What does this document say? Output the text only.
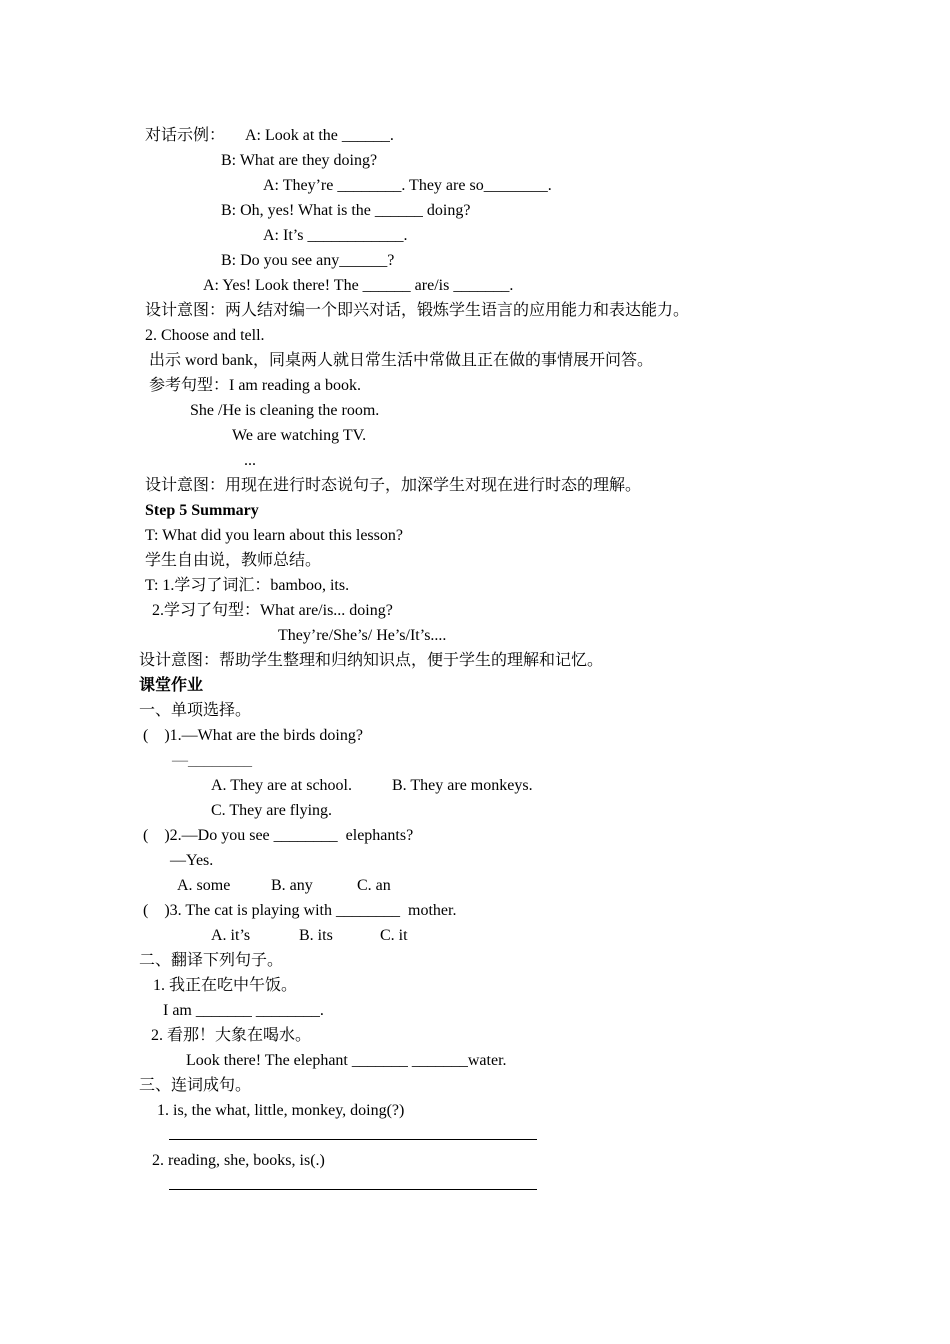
对话示例：     A: Look at the ______.
B: What are they doing?
A: They’re ________. They are so________.
B: Oh, yes! What is the ______ doing?
A: It’s ____________.
B: Do you see any______?
A: Yes! Look there! The ______ are/is _______.
设计意图：两人结对编一个即兴对话，锻炼学生语言的应用能力和表达能力。
2. Choose and tell.
出示 word bank，同桌两人就日常生活中常做且正在做的事情展开问答。
参考句型：I am reading a book.
She /He is cleaning the room.
We are watching TV.
...
设计意图：用现在进行时态说句子，加深学生对现在进行时态的理解。
Step 5 Summary
T: What did you learn about this lesson?
学生自由说，教师总结。
T: 1.学习了词汇：bamboo, its.
2.学习了句型：What are/is... doing?
They’re/She’s/ He’s/It’s....
设计意图：帮助学生整理和归纳知识点，便于学生的理解和记忆。
课堂作业
一、单项选择。
(    )1.—What are the birds doing?
—________
A. They are at school.	B. They are monkeys.
C. They are flying.
(    )2.—Do you see ________  elephants?
—Yes.
A. some	B. any	C. an
(    )3. The cat is playing with ________  mother.
A. it’s	B. its	C. it
二、翻译下列句子。
1. 我正在吃中午饭。
I am _______ ________.
2. 看那！大象在喝水。
Look there! The elephant _______ _______water.
三、连词成句。
1. is, the what, little, monkey, doing(?)
2. reading, she, books, is(.)
